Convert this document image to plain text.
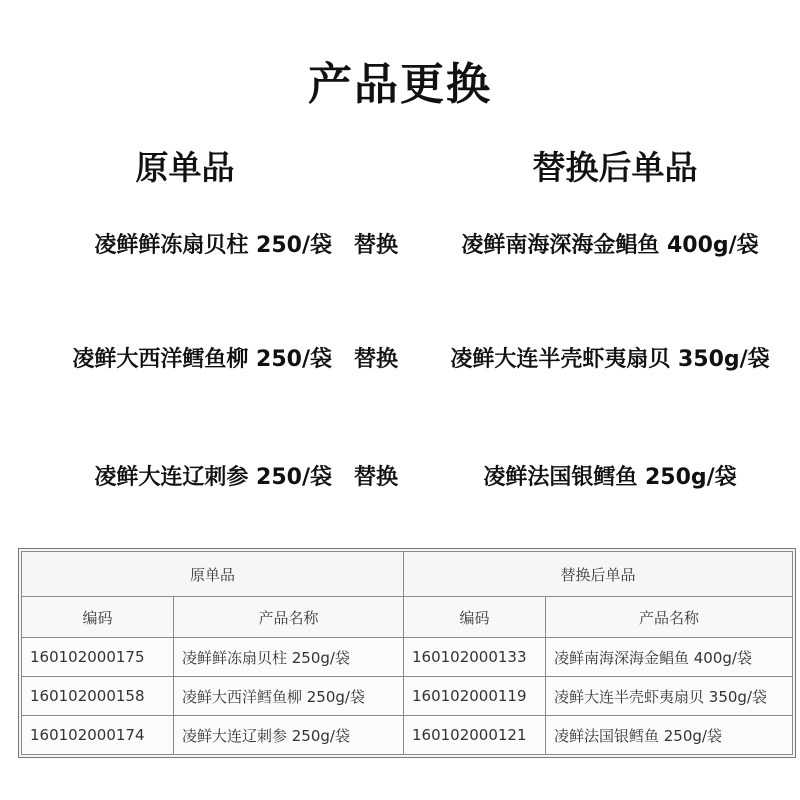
产品更换
原单品	替换后单品
凌鲜鲜冻扇贝柱 250/袋 替换	凌鲜南海深海金鲳鱼 400g/袋
凌鲜大西洋鳕鱼柳 250/袋 替换	凌鲜大连半壳虾夷扇贝 350g/袋
凌鲜大连辽刺参 250/袋 替换	凌鲜法国银鳕鱼 250g/袋
原单品		替换后单品	
编码	产品名称	编码	产品名称
160102000175	凌鲜鲜冻扇贝柱 250g/袋	160102000133	凌鲜南海深海金鲳鱼 400g/袋
160102000158	凌鲜大西洋鳕鱼柳 250g/袋	160102000119	凌鲜大连半壳虾夷扇贝 350g/袋
160102000174	凌鲜大连辽刺参 250g/袋	160102000121	凌鲜法国银鳕鱼 250g/袋
